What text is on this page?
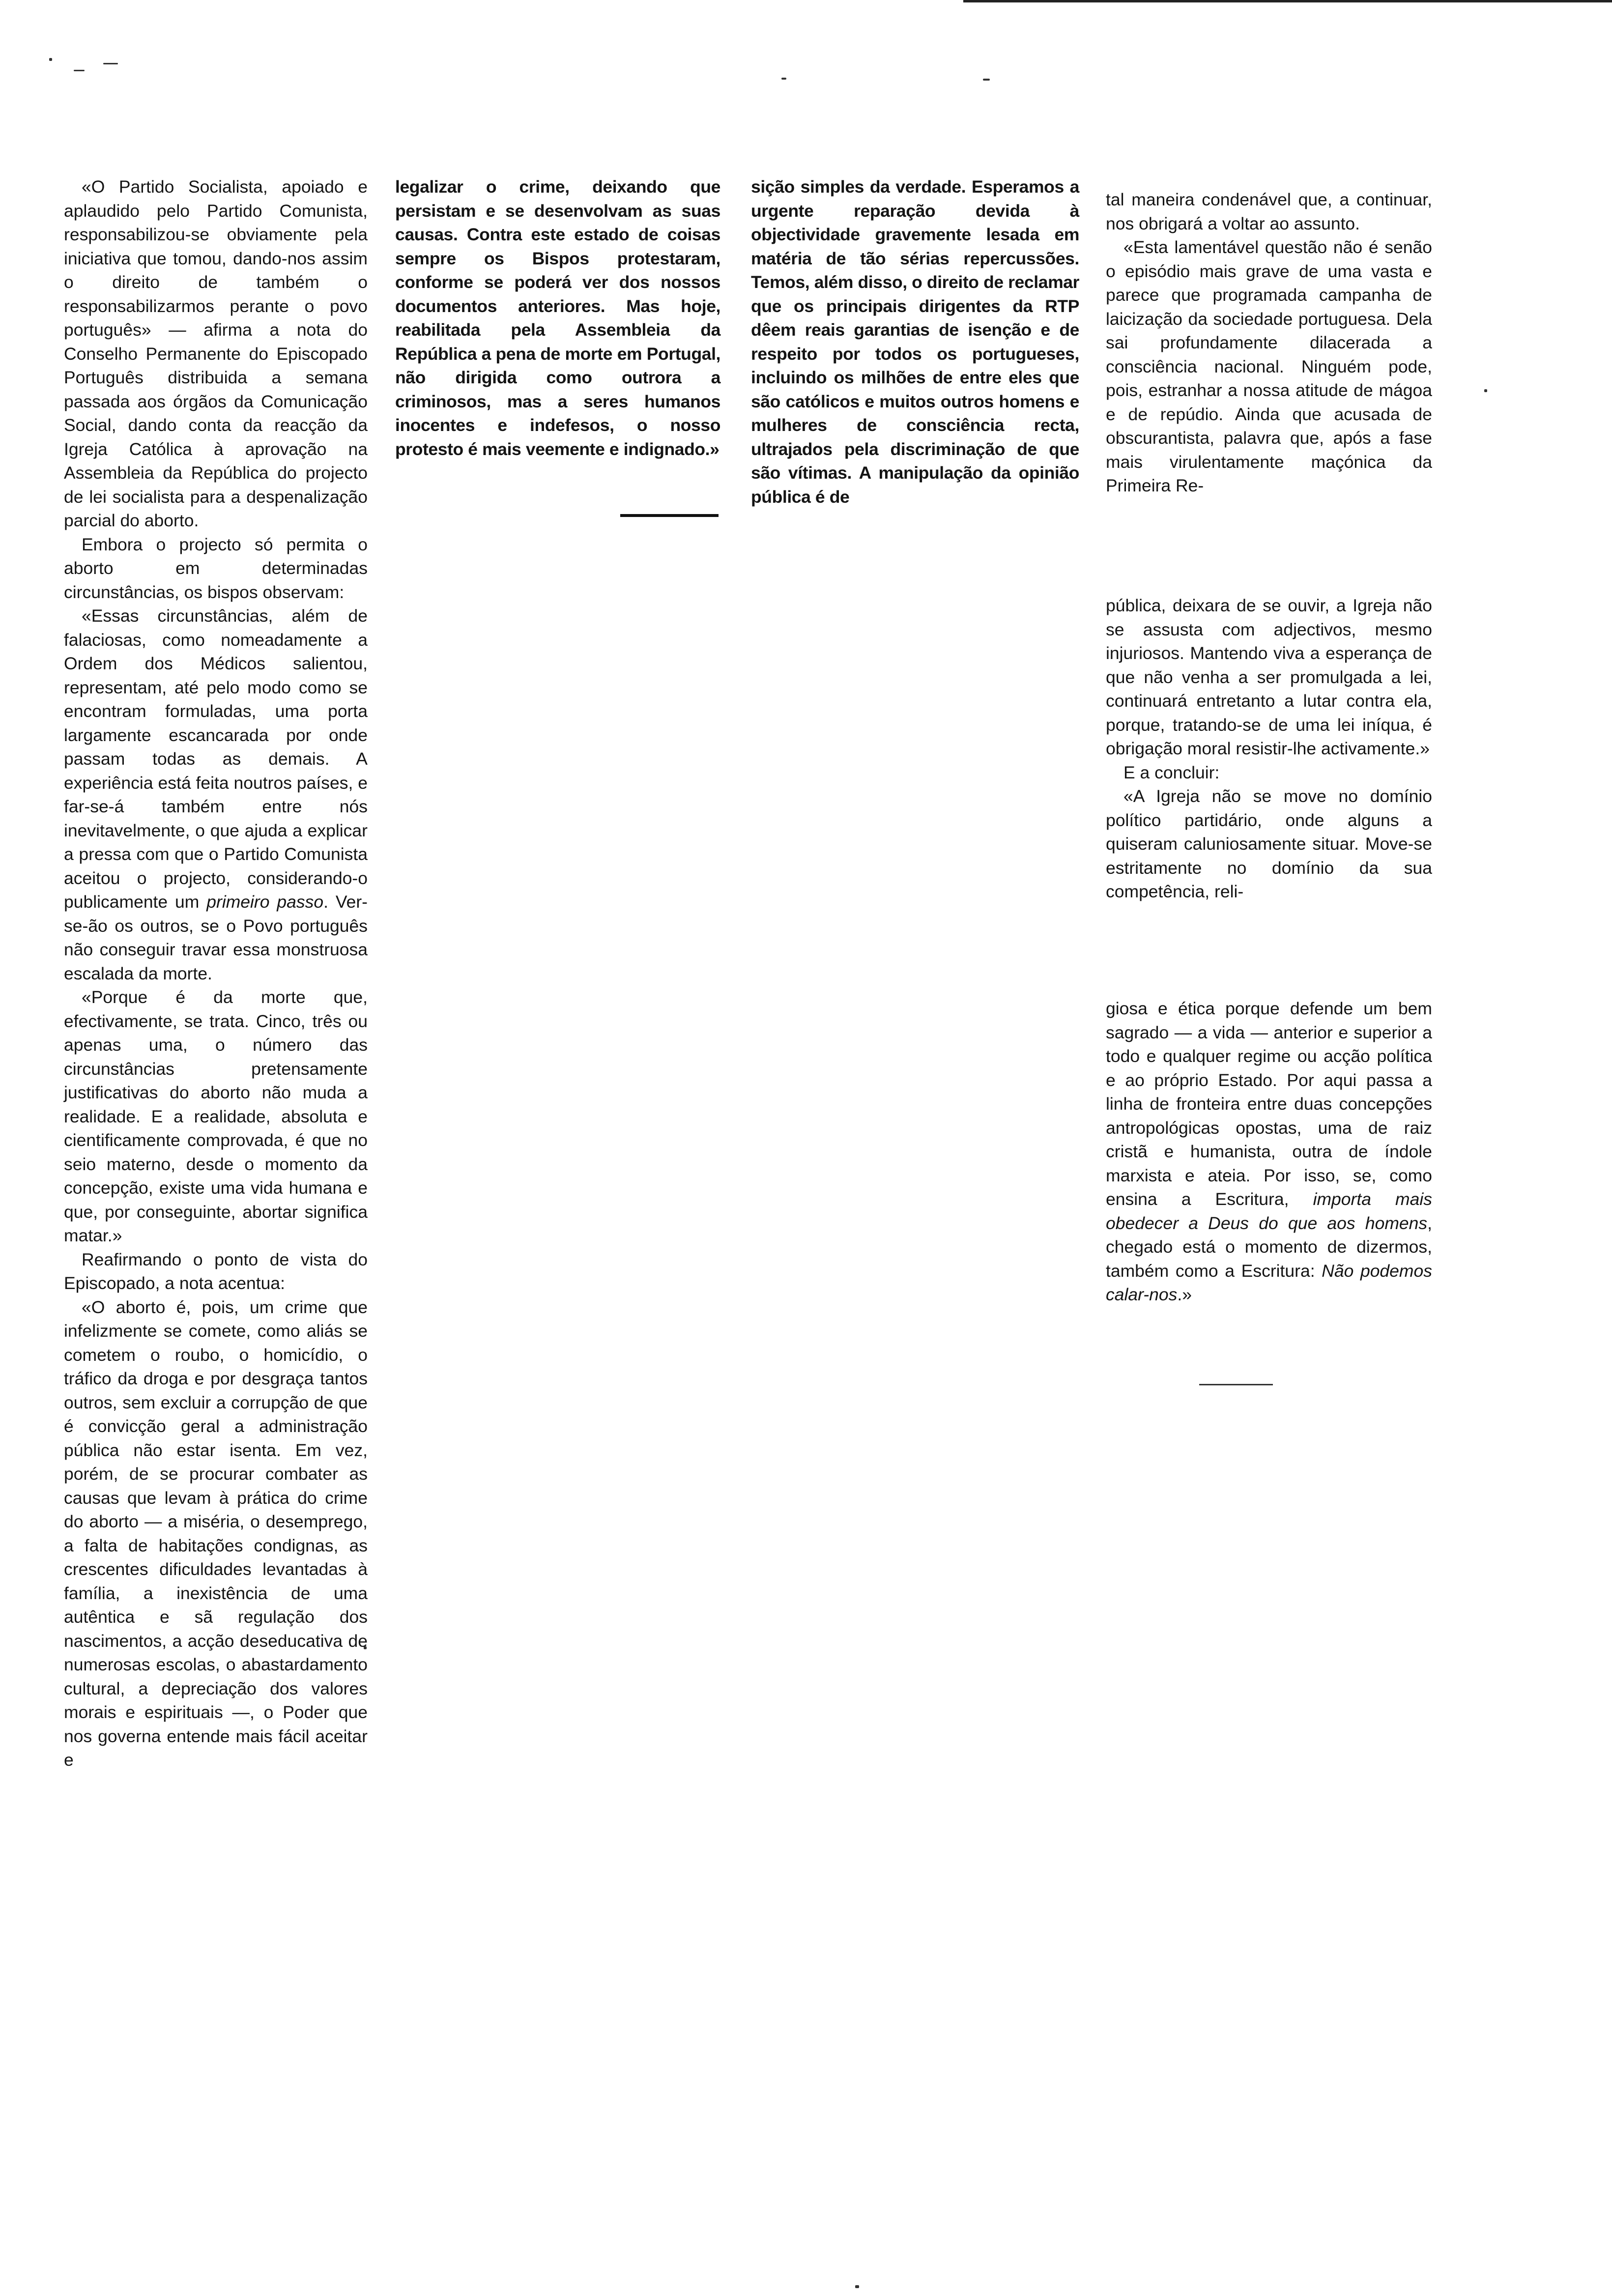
«O Partido Socialista, apoiado e aplaudido pelo Partido Comunista, responsabilizou-se obviamente pela iniciativa que tomou, dando-nos assim o direito de também o responsabilizarmos perante o povo português» — afirma a nota do Conselho Permanente do Episcopado Português distribuida a semana passada aos órgãos da Comunicação Social, dando conta da reacção da Igreja Católica à aprovação na Assembleia da República do projecto de lei socialista para a despenalização parcial do aborto.

Embora o projecto só permita o aborto em determinadas circunstâncias, os bispos observam:

«Essas circunstâncias, além de falaciosas, como nomeadamente a Ordem dos Médicos salientou, representam, até pelo modo como se encontram formuladas, uma porta largamente escancarada por onde passam todas as demais. A experiência está feita noutros países, e far-se-á também entre nós inevitavelmente, o que ajuda a explicar a pressa com que o Partido Comunista aceitou o projecto, considerando-o publicamente um primeiro passo. Ver-se-ão os outros, se o Povo português não conseguir travar essa monstruosa escalada da morte.

«Porque é da morte que, efectivamente, se trata. Cinco, três ou apenas uma, o número das circunstâncias pretensamente justificativas do aborto não muda a realidade. E a realidade, absoluta e cientificamente comprovada, é que no seio materno, desde o momento da concepção, existe uma vida humana e que, por conseguinte, abortar significa matar.»

Reafirmando o ponto de vista do Episcopado, a nota acentua:

«O aborto é, pois, um crime que infelizmente se comete, como aliás se cometem o roubo, o homicídio, o tráfico da droga e por desgraça tantos outros, sem excluir a corrupção de que é convicção geral a administração pública não estar isenta. Em vez, porém, de se procurar combater as causas que levam à prática do crime do aborto — a miséria, o desemprego, a falta de habitações condignas, as crescentes dificuldades levantadas à família, a inexistência de uma autêntica e sã regulação dos nascimentos, a acção deseducativa de numerosas escolas, o abastardamento cultural, a depreciação dos valores morais e espirituais —, o Poder que nos governa entende mais fácil aceitar e

legalizar o crime, deixando que persistam e se desenvolvam as suas causas. Contra este estado de coisas sempre os Bispos protestaram, conforme se poderá ver dos nossos documentos anteriores. Mas hoje, reabilitada pela Assembleia da República a pena de morte em Portugal, não dirigida como outrora a criminosos, mas a seres humanos inocentes e indefesos, o nosso protesto é mais veemente e indignado.»

sição simples da verdade. Esperamos a urgente reparação devida à objectividade gravemente lesada em matéria de tão sérias repercussões. Temos, além disso, o direito de reclamar que os principais dirigentes da RTP dêem reais garantias de isenção e de respeito por todos os portugueses, incluindo os milhões de entre eles que são católicos e muitos outros homens e mulheres de consciência recta, ultrajados pela discriminação de que são vítimas. A manipulação da opinião pública é de

tal maneira condenável que, a continuar, nos obrigará a voltar ao assunto.

«Esta lamentável questão não é senão o episódio mais grave de uma vasta e parece que programada campanha de laicização da sociedade portuguesa. Dela sai profundamente dilacerada a consciência nacional. Ninguém pode, pois, estranhar a nossa atitude de mágoa e de repúdio. Ainda que acusada de obscurantista, palavra que, após a fase mais virulentamente maçónica da Primeira Re-

pública, deixara de se ouvir, a Igreja não se assusta com adjectivos, mesmo injuriosos. Mantendo viva a esperança de que não venha a ser promulgada a lei, continuará entretanto a lutar contra ela, porque, tratando-se de uma lei iníqua, é obrigação moral resistir-lhe activamente.»

E a concluir:

«A Igreja não se move no domínio político partidário, onde alguns a quiseram caluniosamente situar. Move-se estritamente no domínio da sua competência, reli-

giosa e ética porque defende um bem sagrado — a vida — anterior e superior a todo e qualquer regime ou acção política e ao próprio Estado. Por aqui passa a linha de fronteira entre duas concepções antropológicas opostas, uma de raiz cristã e humanista, outra de índole marxista e ateia. Por isso, se, como ensina a Escritura, importa mais obedecer a Deus do que aos homens, chegado está o momento de dizermos, também como a Escritura: Não podemos calar-nos.»
